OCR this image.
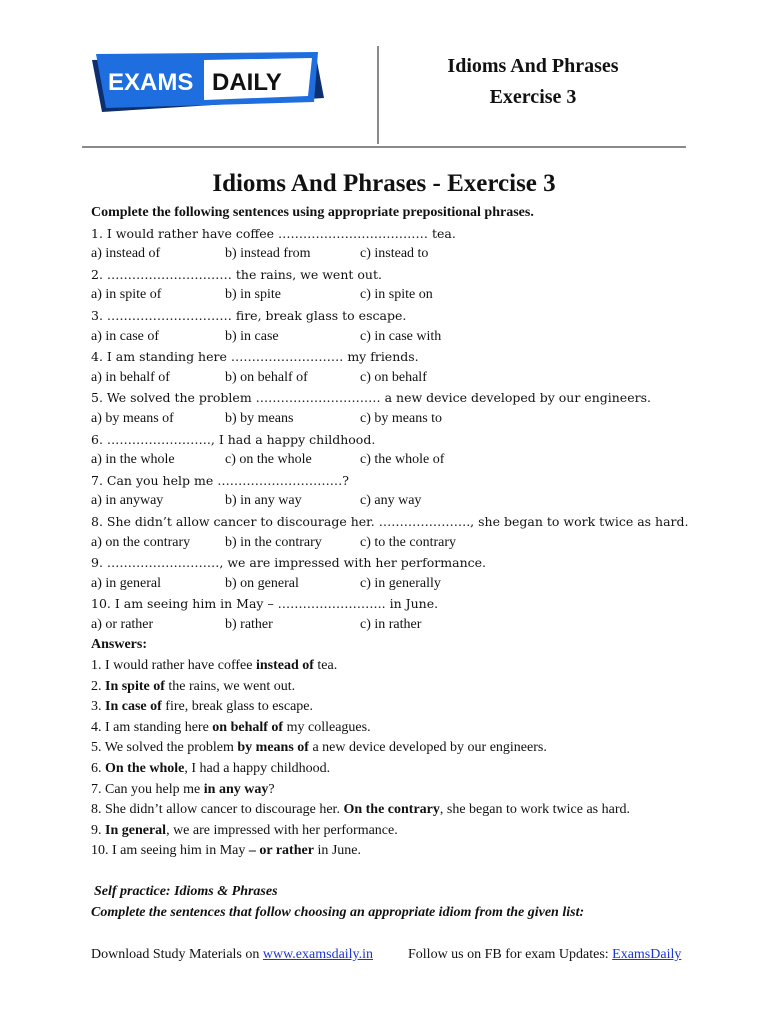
EXAMS DAILY
Idioms And Phrases
Exercise 3
Idioms And Phrases - Exercise 3
Complete the following sentences using appropriate prepositional phrases.
1. I would rather have coffee ……………………………… tea.
a) instead of	b) instead from	c) instead to
2. ………………………… the rains, we went out.
a) in spite of	b) in spite	c) in spite on
3. ………………………… fire, break glass to escape.
a) in case of	b) in case	c) in case with
4. I am standing here ……………………… my friends.
a) in behalf of	b) on behalf of	c) on behalf
5. We solved the problem ………………………… a new device developed by our engineers.
a) by means of	b) by means	c) by means to
6. ……………………., I had a happy childhood.
a) in the whole	c) on the whole	c) the whole of
7. Can you help me …………………………?
a) in anyway	b) in any way	c) any way
8. She didn’t allow cancer to discourage her. …………………., she began to work twice as hard.
a) on the contrary b) in the contrary	c) to the contrary
9. ………………………, we are impressed with her performance.
a) in general	b) on general	c) in generally
10. I am seeing him in May – …………………….. in June.
a) or rather	b) rather	c) in rather
Answers:
1. I would rather have coffee instead of tea.
2. In spite of the rains, we went out.
3. In case of fire, break glass to escape.
4. I am standing here on behalf of my colleagues.
5. We solved the problem by means of a new device developed by our engineers.
6. On the whole, I had a happy childhood.
7. Can you help me in any way?
8. She didn’t allow cancer to discourage her. On the contrary, she began to work twice as hard.
9. In general, we are impressed with her performance.
10. I am seeing him in May – or rather in June.
Self practice: Idioms & Phrases
Complete the sentences that follow choosing an appropriate idiom from the given list:
Download Study Materials on www.examsdaily.in Follow us on FB for exam Updates: ExamsDaily
